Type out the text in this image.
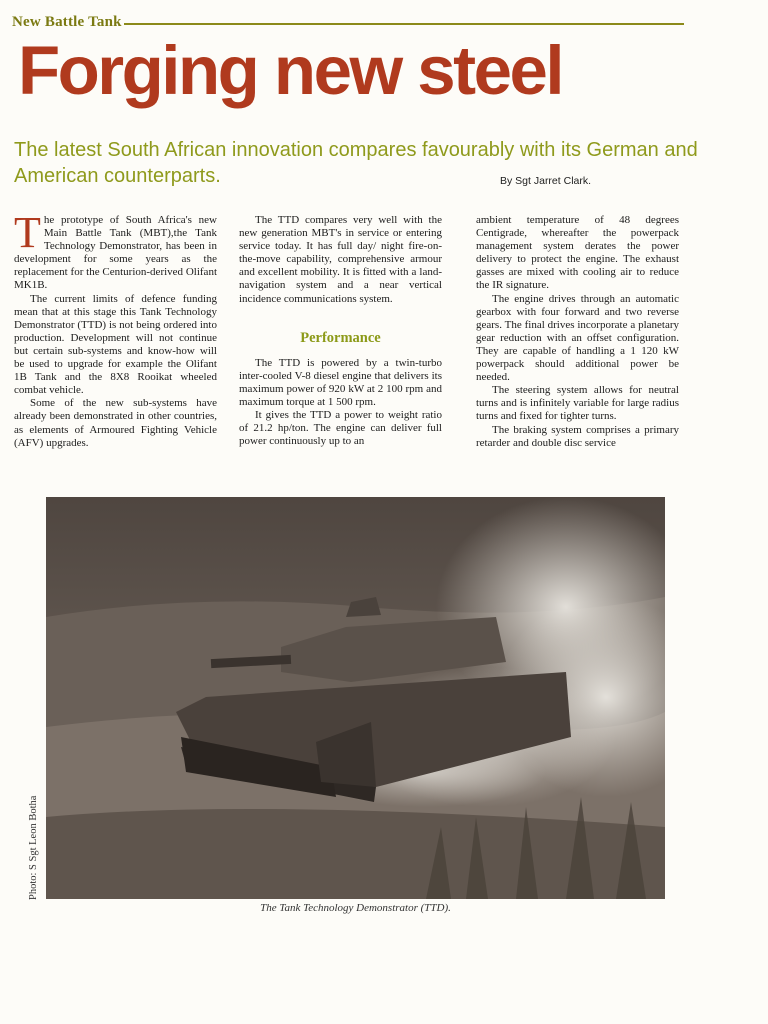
New Battle Tank
Forging new steel
The latest South African innovation compares favourably with its German and American counterparts.	By Sgt Jarret Clark.

The prototype of South Africa's new Main Battle Tank (MBT),the Tank Technology Demonstrator, has been in development for some years as the replacement for the Centurion-derived Olifant MK1B.

The current limits of defence funding mean that at this stage this Tank Technology Demonstrator (TTD) is not being ordered into production. Development will not continue but certain sub-systems and know-how will be used to upgrade for example the Olifant 1B Tank and the 8X8 Rooikat wheeled combat vehicle.

Some of the new sub-systems have already been demonstrated in other countries, as elements of Armoured Fighting Vehicle (AFV) upgrades.

The TTD compares very well with the new generation MBT's in service or entering service today. It has full day/ night fire-on-the-move capability, comprehensive armour and excellent mobility. It is fitted with a land-navigation system and a near vertical incidence communications system.

Performance

The TTD is powered by a twin-turbo inter-cooled V-8 diesel engine that delivers its maximum power of 920 kW at 2 100 rpm and maximum torque at 1 500 rpm.

It gives the TTD a power to weight ratio of 21.2 hp/ton. The engine can deliver full power continuously up to an

ambient temperature of 48 degrees Centigrade, whereafter the powerpack management system derates the power delivery to protect the engine. The exhaust gasses are mixed with cooling air to reduce the IR signature.

The engine drives through an automatic gearbox with four forward and two reverse gears. The final drives incorporate a planetary gear reduction with an offset configuration. They are capable of handling a 1 120 kW powerpack should additional power be needed.

The steering system allows for neutral turns and is infinitely variable for large radius turns and fixed for tighter turns.

The braking system comprises a primary retarder and double disc service

Photo: S Sgt Leon Botha
The Tank Technology Demonstrator (TTD).
